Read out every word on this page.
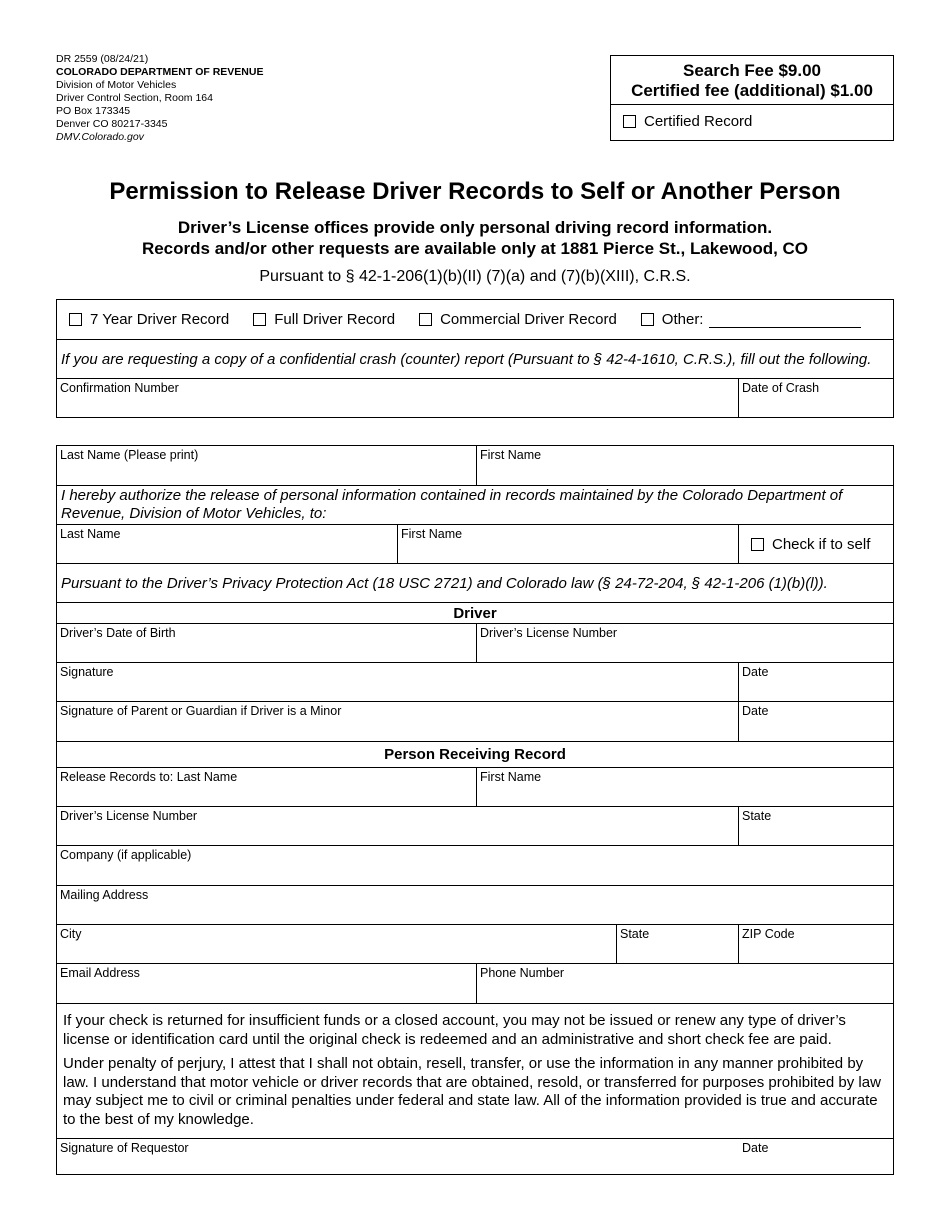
DR 2559 (08/24/21)
COLORADO DEPARTMENT OF REVENUE
Division of Motor Vehicles
Driver Control Section, Room 164
PO Box 173345
Denver CO 80217-3345
DMV.Colorado.gov
Search Fee $9.00
Certified fee (additional) $1.00
Certified Record
Permission to Release Driver Records to Self or Another Person
Driver’s License offices provide only personal driving record information.
Records and/or other requests are available only at 1881 Pierce St., Lakewood, CO
Pursuant to § 42-1-206(1)(b)(II) (7)(a) and (7)(b)(XIII), C.R.S.
7 Year Driver Record	Full Driver Record	Commercial Driver Record	Other:
If you are requesting a copy of a confidential crash (counter) report (Pursuant to § 42-4-1610, C.R.S.), fill out the following.
Confirmation Number	Date of Crash
Last Name (Please print)	First Name
I hereby authorize the release of personal information contained in records maintained by the Colorado Department of Revenue, Division of Motor Vehicles, to:
Last Name	First Name
Check if to self
Pursuant to the Driver’s Privacy Protection Act (18 USC 2721) and Colorado law (§ 24-72-204, § 42-1-206 (1)(b)(l)).
Driver
Driver’s Date of Birth	Driver’s License Number
Signature	Date
Signature of Parent or Guardian if Driver is a Minor	Date
Person Receiving Record
Release Records to: Last Name	First Name
Driver’s License Number	State
Company (if applicable)
Mailing Address
City	State	ZIP Code
Email Address	Phone Number
If your check is returned for insufficient funds or a closed account, you may not be issued or renew any type of driver’s license or identification card until the original check is redeemed and an administrative and short check fee are paid.
Under penalty of perjury, I attest that I shall not obtain, resell, transfer, or use the information in any manner prohibited by law. I understand that motor vehicle or driver records that are obtained, resold, or transferred for purposes prohibited by law may subject me to civil or criminal penalties under federal and state law. All of the information provided is true and accurate to the best of my knowledge.
Signature of Requestor	Date
